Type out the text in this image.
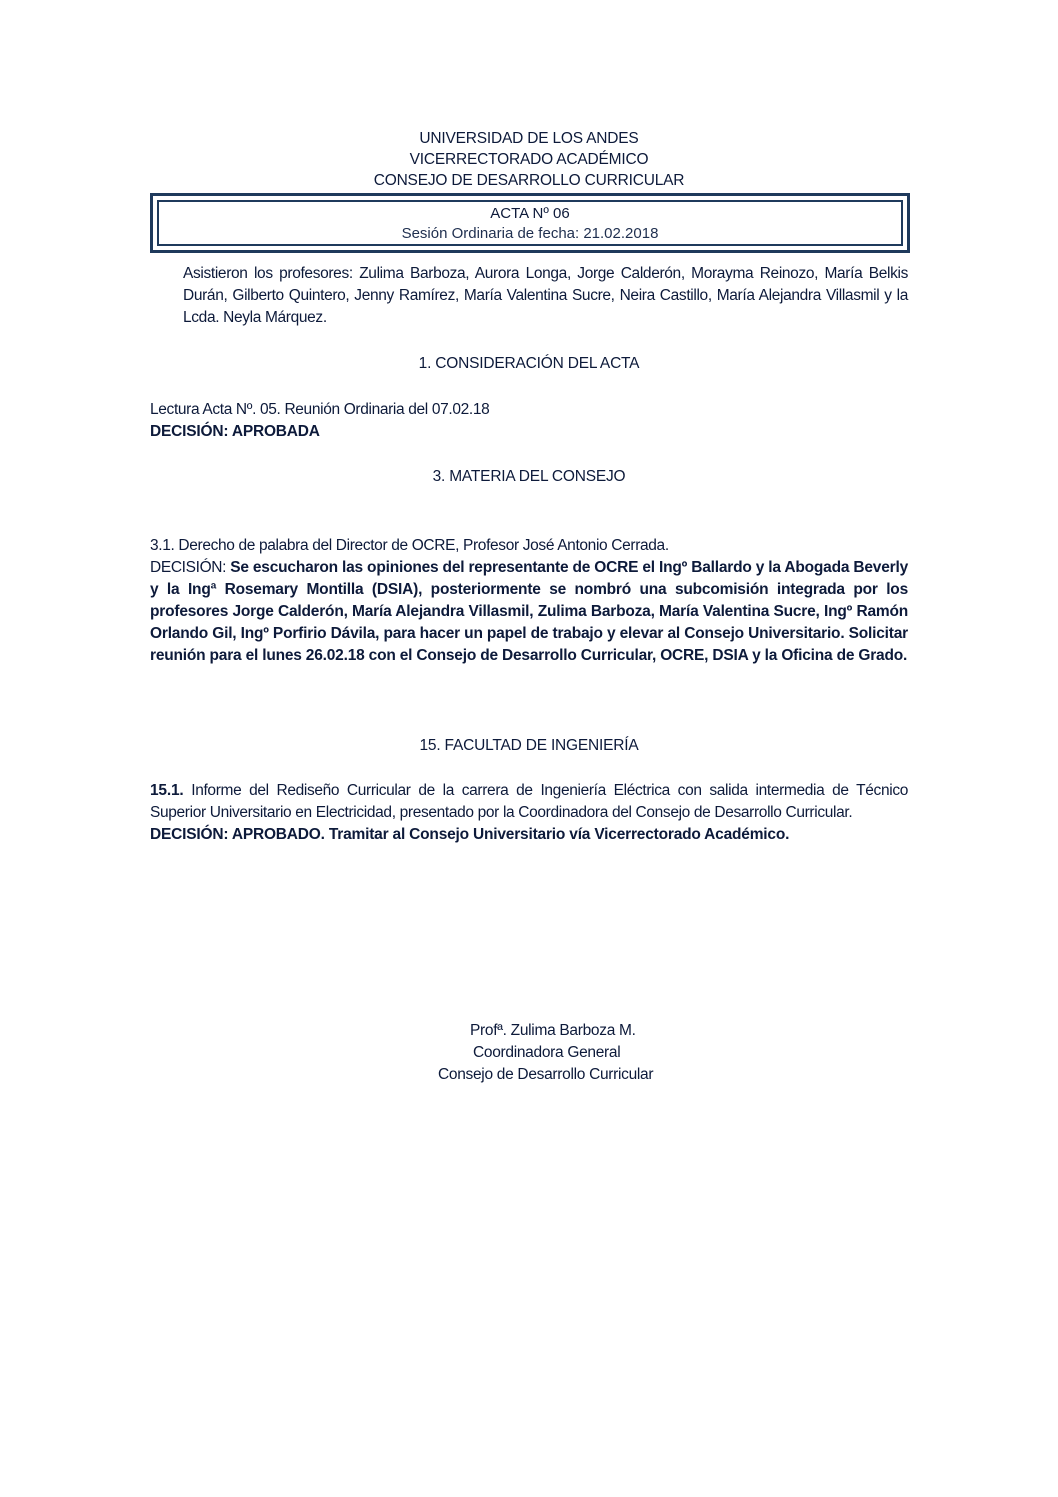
UNIVERSIDAD DE LOS ANDES
VICERRECTORADO ACADÉMICO
CONSEJO DE DESARROLLO CURRICULAR
ACTA Nº 06
Sesión Ordinaria de fecha: 21.02.2018
Asistieron los profesores: Zulima Barboza, Aurora Longa, Jorge Calderón, Morayma Reinozo, María Belkis Durán, Gilberto Quintero, Jenny Ramírez, María Valentina Sucre, Neira Castillo, María Alejandra Villasmil y la Lcda. Neyla Márquez.
1. CONSIDERACIÓN DEL ACTA
Lectura Acta Nº. 05. Reunión Ordinaria del 07.02.18
DECISIÓN: APROBADA
3. MATERIA DEL CONSEJO
3.1. Derecho de palabra del Director de OCRE, Profesor José Antonio Cerrada.
DECISIÓN: Se escucharon las opiniones del representante de OCRE el Ingº Ballardo y la Abogada Beverly y la Ingª Rosemary Montilla (DSIA), posteriormente se nombró una subcomisión integrada por los profesores Jorge Calderón, María Alejandra Villasmil, Zulima Barboza, María Valentina Sucre, Ingº Ramón Orlando Gil, Ingº Porfirio Dávila, para hacer un papel de trabajo y elevar al Consejo Universitario. Solicitar reunión para el lunes 26.02.18 con el Consejo de Desarrollo Curricular, OCRE, DSIA y la Oficina de Grado.
15. FACULTAD DE INGENIERÍA
15.1. Informe del Rediseño Curricular de la carrera de Ingeniería Eléctrica con salida intermedia de Técnico Superior Universitario en Electricidad, presentado por la Coordinadora del Consejo de Desarrollo Curricular.
DECISIÓN: APROBADO. Tramitar al Consejo Universitario vía Vicerrectorado Académico.
Profª. Zulima Barboza M.
Coordinadora General
Consejo de Desarrollo Curricular
